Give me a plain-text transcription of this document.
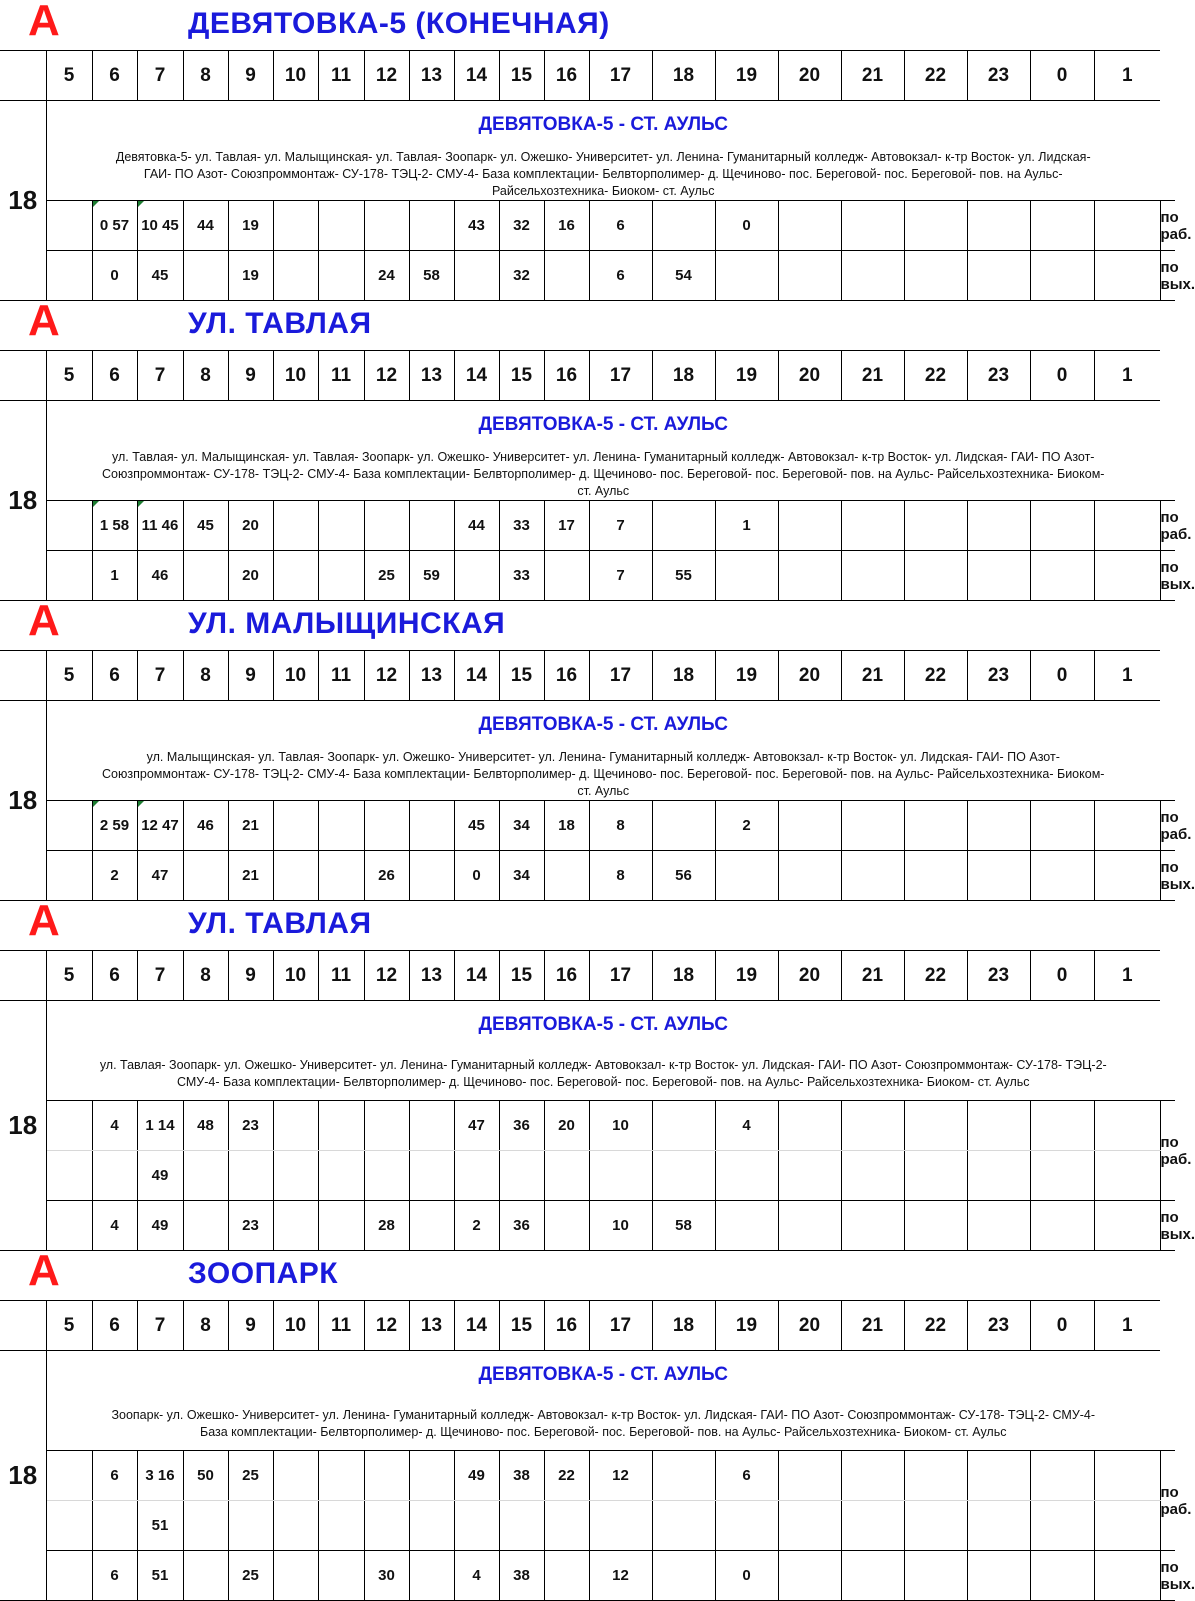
А	ДЕВЯТОВКА-5 (КОНЕЧНАЯ)
	5	6	7	8	9	10	11	12	13	14	15	16	17	18	19	20	21	22	23	0	1	
18	ДЕВЯТОВКА-5 - СТ. АУЛЬС																					
	Девятовка-5- ул. Тавлая- ул. Малыщинская- ул. Тавлая- Зоопарк- ул. Ожешко- Университет- ул. Ленина- Гуманитарный колледж- Автовокзал- к-тр Восток- ул. Лидская-
ГАИ- ПО Азот- Союзпроммонтаж- СУ-178- ТЭЦ-2- СМУ-4- База комплектации- Белвторполимер- д. Щечиново- пос. Береговой- пос. Береговой- пов. на Аульс-
Райсельхозтехника- Биоком- ст. Аульс																					
		0 57	10 45	44	19					43	32	16	6		0							по раб.
		0	45		19			24	58		32		6	54								по вых.
А	УЛ. ТАВЛАЯ
	5	6	7	8	9	10	11	12	13	14	15	16	17	18	19	20	21	22	23	0	1	
18	ДЕВЯТОВКА-5 - СТ. АУЛЬС																					
	ул. Тавлая- ул. Малыщинская- ул. Тавлая- Зоопарк- ул. Ожешко- Университет- ул. Ленина- Гуманитарный колледж- Автовокзал- к-тр Восток- ул. Лидская- ГАИ- ПО Азот-
Союзпроммонтаж- СУ-178- ТЭЦ-2- СМУ-4- База комплектации- Белвторполимер- д. Щечиново- пос. Береговой- пос. Береговой- пов. на Аульс- Райсельхозтехника- Биоком-
ст. Аульс																					
		1 58	11 46	45	20					44	33	17	7		1							по раб.
		1	46		20			25	59		33		7	55								по вых.
А	УЛ. МАЛЫЩИНСКАЯ
	5	6	7	8	9	10	11	12	13	14	15	16	17	18	19	20	21	22	23	0	1	
18	ДЕВЯТОВКА-5 - СТ. АУЛЬС																					
	ул. Малыщинская- ул. Тавлая- Зоопарк- ул. Ожешко- Университет- ул. Ленина- Гуманитарный колледж- Автовокзал- к-тр Восток- ул. Лидская- ГАИ- ПО Азот-
Союзпроммонтаж- СУ-178- ТЭЦ-2- СМУ-4- База комплектации- Белвторполимер- д. Щечиново- пос. Береговой- пос. Береговой- пов. на Аульс- Райсельхозтехника- Биоком-
ст. Аульс																					
		2 59	12 47	46	21					45	34	18	8		2							по раб.
		2	47		21			26		0	34		8	56								по вых.
А	УЛ. ТАВЛАЯ
	5	6	7	8	9	10	11	12	13	14	15	16	17	18	19	20	21	22	23	0	1	
18	ДЕВЯТОВКА-5 - СТ. АУЛЬС																					
	ул. Тавлая- Зоопарк- ул. Ожешко- Университет- ул. Ленина- Гуманитарный колледж- Автовокзал- к-тр Восток- ул. Лидская- ГАИ- ПО Азот- Союзпроммонтаж- СУ-178- ТЭЦ-2-
СМУ-4- База комплектации- Белвторполимер- д. Щечиново- пос. Береговой- пос. Береговой- пов. на Аульс- Райсельхозтехника- Биоком- ст. Аульс																					
		4	1 14	48	23					47	36	20	10		4							по раб.
			49																			
		4	49		23			28		2	36		10	58								по вых.
А	ЗООПАРК
	5	6	7	8	9	10	11	12	13	14	15	16	17	18	19	20	21	22	23	0	1	
18	ДЕВЯТОВКА-5 - СТ. АУЛЬС																					
	Зоопарк- ул. Ожешко- Университет- ул. Ленина- Гуманитарный колледж- Автовокзал- к-тр Восток- ул. Лидская- ГАИ- ПО Азот- Союзпроммонтаж- СУ-178- ТЭЦ-2- СМУ-4-
База комплектации- Белвторполимер- д. Щечиново- пос. Береговой- пос. Береговой- пов. на Аульс- Райсельхозтехника- Биоком- ст. Аульс																					
		6	3 16	50	25					49	38	22	12		6							по раб.
			51																			
		6	51		25			30		4	38		12		0							по вых.
